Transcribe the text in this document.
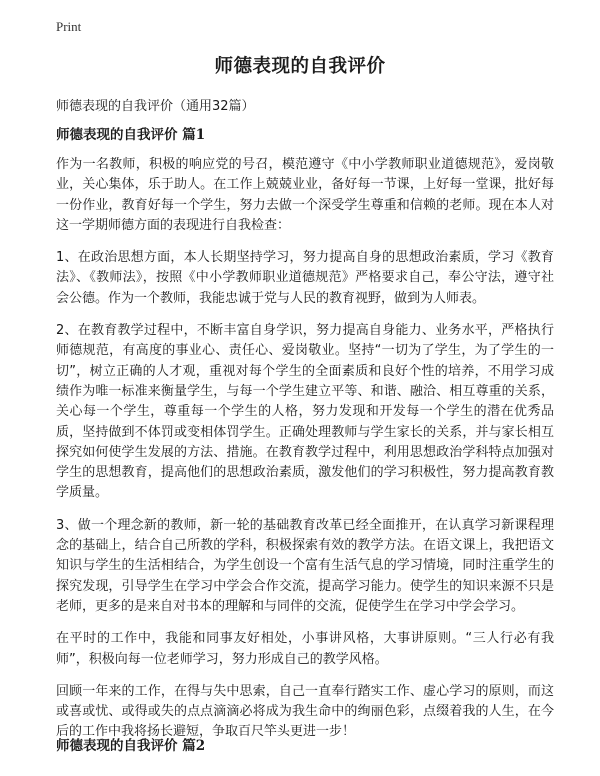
Print
师德表现的自我评价

师德表现的自我评价（通用32篇）

师德表现的自我评价 篇1

作为一名教师，积极的响应党的号召，模范遵守《中小学教师职业道德规范》，爱岗敬业，关心集体，乐于助人。在工作上兢兢业业，备好每一节课，上好每一堂课，批好每一份作业，教育好每一个学生，努力去做一个深受学生尊重和信赖的老师。现在本人对这一学期师德方面的表现进行自我检查：

1、在政治思想方面，本人长期坚持学习，努力提高自身的思想政治素质，学习《教育法》、《教师法》，按照《中小学教师职业道德规范》严格要求自己，奉公守法，遵守社会公德。作为一个教师，我能忠诚于党与人民的教育视野，做到为人师表。

2、在教育教学过程中，不断丰富自身学识，努力提高自身能力、业务水平，严格执行师德规范，有高度的事业心、责任心、爱岗敬业。坚持“一切为了学生，为了学生的一切”，树立正确的人才观，重视对每个学生的全面素质和良好个性的培养，不用学习成绩作为唯一标准来衡量学生，与每一个学生建立平等、和谐、融洽、相互尊重的关系，关心每一个学生，尊重每一个学生的人格，努力发现和开发每一个学生的潜在优秀品质，坚持做到不体罚或变相体罚学生。正确处理教师与学生家长的关系，并与家长相互探究如何使学生发展的方法、措施。在教育教学过程中，利用思想政治学科特点加强对学生的思想教育，提高他们的思想政治素质，激发他们的学习积极性，努力提高教育教学质量。

3、做一个理念新的教师，新一轮的基础教育改革已经全面推开，在认真学习新课程理念的基础上，结合自己所教的学科，积极探索有效的教学方法。在语文课上，我把语文知识与学生的生活相结合，为学生创设一个富有生活气息的学习情境，同时注重学生的探究发现，引导学生在学习中学会合作交流，提高学习能力。使学生的知识来源不只是老师，更多的是来自对书本的理解和与同伴的交流，促使学生在学习中学会学习。

在平时的工作中，我能和同事友好相处，小事讲风格，大事讲原则。“三人行必有我师”，积极向每一位老师学习，努力形成自己的教学风格。

回顾一年来的工作，在得与失中思索，自己一直奉行踏实工作、虚心学习的原则，而这或喜或忧、或得或失的点点滴滴必将成为我生命中的绚丽色彩，点缀着我的人生，在今后的工作中我将扬长避短，争取百尺竿头更进一步！

师德表现的自我评价 篇2
